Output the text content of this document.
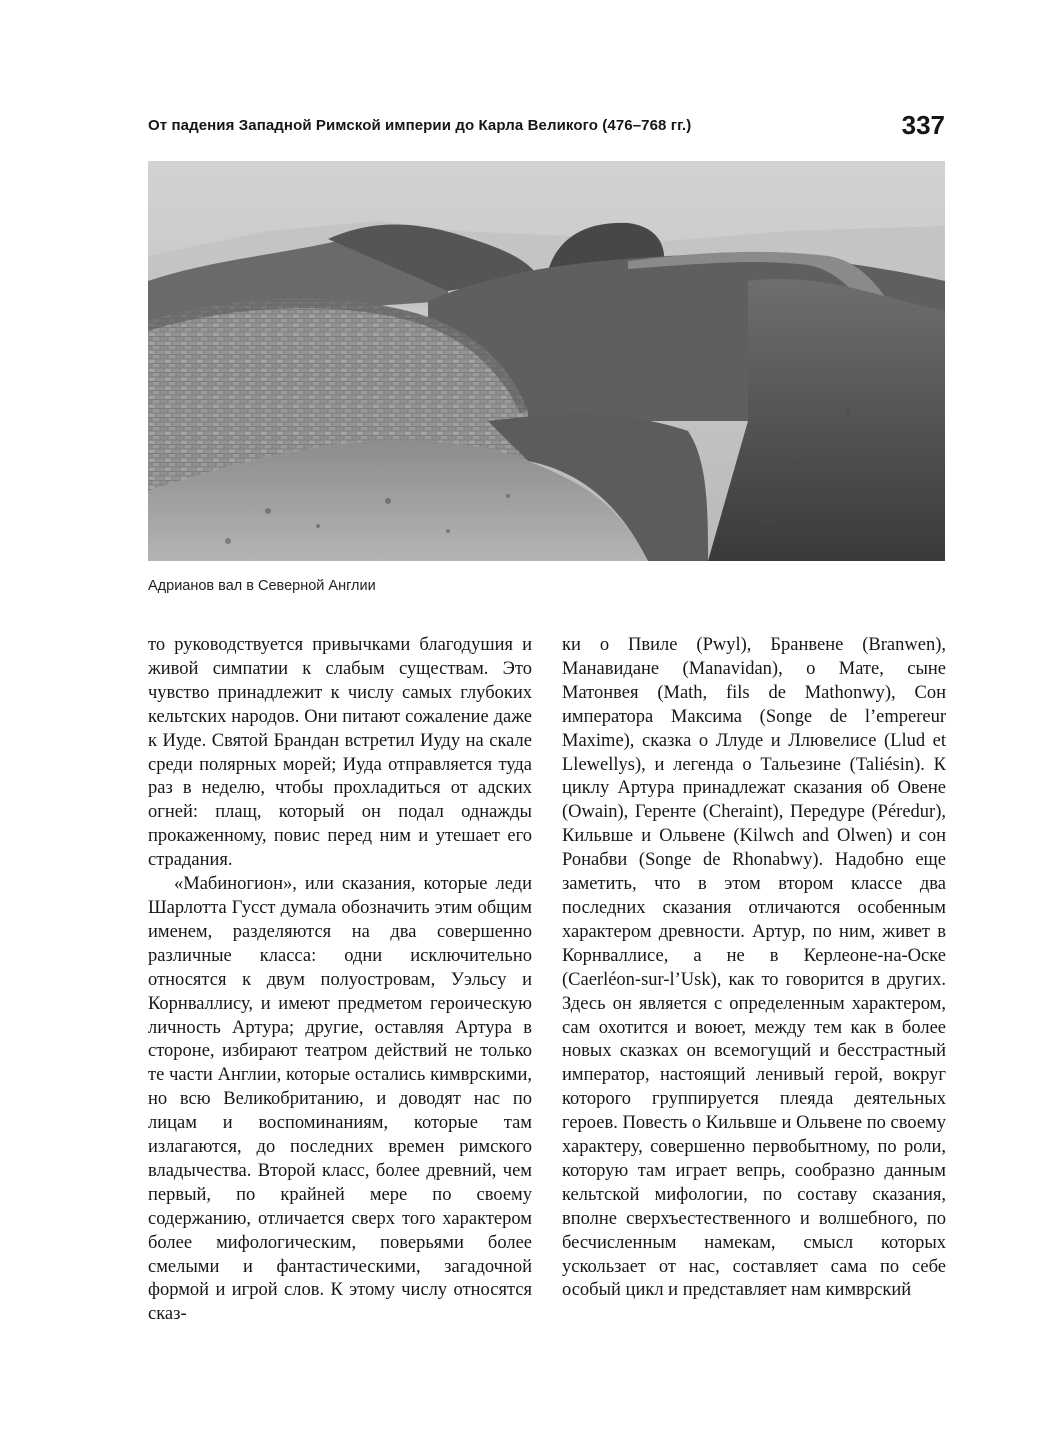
От падения Западной Римской империи до Карла Великого (476–768 гг.)	337
Адрианов вал в Северной Англии

то руководствуется привычками благодушия и живой симпатии к слабым существам. Это чувство принадлежит к числу самых глубоких кельтских народов. Они питают сожаление даже к Иуде. Святой Брандан встретил Иуду на скале среди полярных морей; Иуда отправляется туда раз в неделю, чтобы прохладиться от адских огней: плащ, который он подал однажды прокаженному, повис перед ним и утешает его страдания.

«Мабиногион», или сказания, которые леди Шарлотта Гусст думала обозначить этим общим именем, разделяются на два совершенно различные класса: одни исключительно относятся к двум полуостровам, Уэльсу и Корнваллису, и имеют предметом героическую личность Артура; другие, оставляя Артура в стороне, избирают театром действий не только те части Англии, которые остались кимврскими, но всю Великобританию, и доводят нас по лицам и воспоминаниям, которые там излагаются, до последних времен римского владычества. Второй класс, более древний, чем первый, по крайней мере по своему содержанию, отличается сверх того характером более мифологическим, поверьями более смелыми и фантастическими, загадочной формой и игрой слов. К этому числу относятся сказ-

ки о Пвиле (Pwyl), Бранвене (Branwen), Манавидане (Manavidan), о Мате, сыне Матонвея (Math, fils de Mathonwy), Сон императора Максима (Songe de l’empereur Maxime), сказка о Ллуде и Ллювелисе (Llud et Llewellys), и легенда о Тальезине (Taliésin). К циклу Артура принадлежат сказания об Овене (Owain), Геренте (Cheraint), Передуре (Péredur), Кильвше и Ольвене (Kilwch and Olwen) и сон Ронабви (Songe de Rhonabwy). Надобно еще заметить, что в этом втором классе два последних сказания отличаются особенным характером древности. Артур, по ним, живет в Корнваллисе, а не в Керлеоне-на-Оске (Caerléon-sur-l’Usk), как то говорится в других. Здесь он является с определенным характером, сам охотится и воюет, между тем как в более новых сказках он всемогущий и бесстрастный император, настоящий ленивый герой, вокруг которого группируется плеяда деятельных героев. Повесть о Кильвше и Ольвене по своему характеру, совершенно первобытному, по роли, которую там играет вепрь, сообразно данным кельтской мифологии, по составу сказания, вполне сверхъестественного и волшебного, по бесчисленным намекам, смысл которых ускользает от нас, составляет сама по себе особый цикл и представляет нам кимврский
